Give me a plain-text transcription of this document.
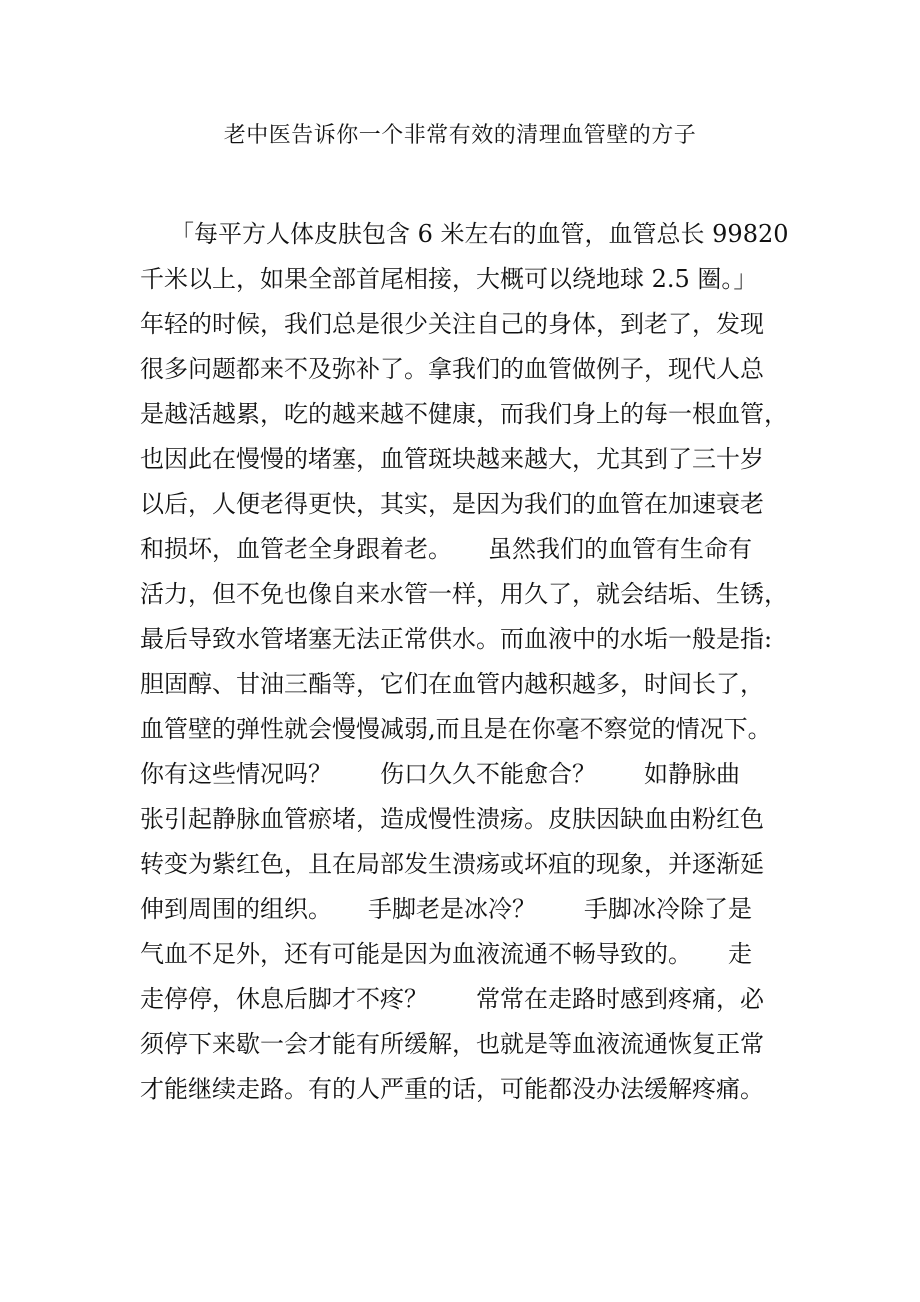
老中医告诉你一个非常有效的清理血管壁的方子
「每平方人体皮肤包含 6 米左右的血管，血管总长 99820
千米以上，如果全部首尾相接，大概可以绕地球 2.5 圈。」
年轻的时候，我们总是很少关注自己的身体，到老了，发现
很多问题都来不及弥补了。拿我们的血管做例子，现代人总
是越活越累，吃的越来越不健康，而我们身上的每一根血管，
也因此在慢慢的堵塞，血管斑块越来越大，尤其到了三十岁
以后，人便老得更快，其实，是因为我们的血管在加速衰老
和损坏，血管老全身跟着老。　　虽然我们的血管有生命有
活力，但不免也像自来水管一样，用久了，就会结垢、生锈，
最后导致水管堵塞无法正常供水。而血液中的水垢一般是指:
胆固醇、甘油三酯等，它们在血管内越积越多，时间长了，
血管壁的弹性就会慢慢减弱,而且是在你毫不察觉的情况下。
你有这些情况吗？　　伤口久久不能愈合？　　如静脉曲
张引起静脉血管瘀堵，造成慢性溃疡。皮肤因缺血由粉红色
转变为紫红色，且在局部发生溃疡或坏疽的现象，并逐渐延
伸到周围的组织。　　手脚老是冰冷？　　手脚冰冷除了是
气血不足外，还有可能是因为血液流通不畅导致的。　　走
走停停，休息后脚才不疼？　　常常在走路时感到疼痛，必
须停下来歇一会才能有所缓解，也就是等血液流通恢复正常
才能继续走路。有的人严重的话，可能都没办法缓解疼痛。
